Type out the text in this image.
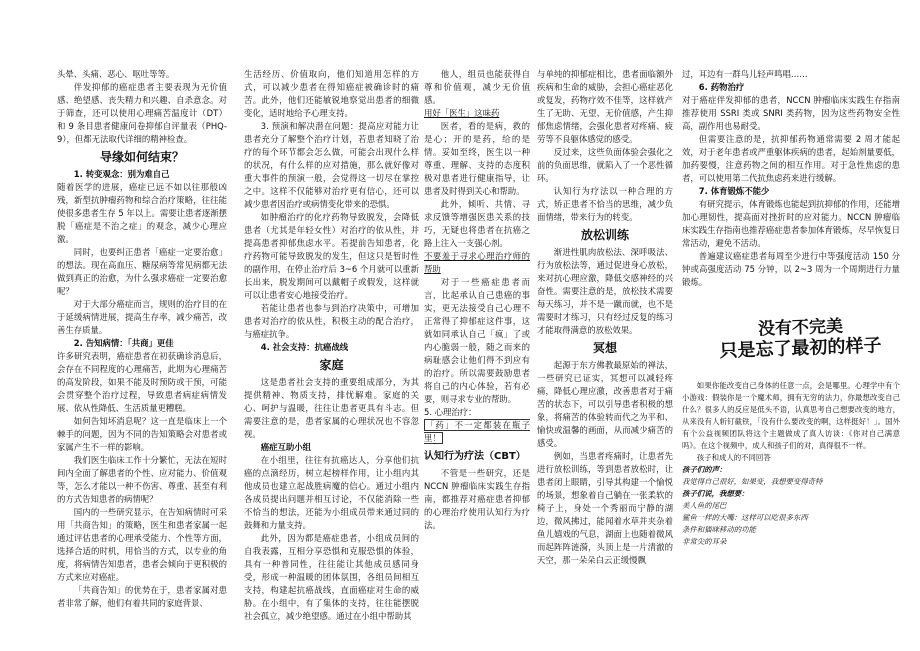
头晕、头痛、恶心、呕吐等等。

伴发抑郁的癌症患者主要表现为无价值感、绝望感、丧失精力和兴趣、自杀意念。对于筛查，还可以使用心理痛苦温度计（DT）和 9 条目患者健康问卷抑郁自评量表（PHQ-9），但都无法取代详细的精神检查。

导缘如何结束？

1. 转变观念：别为难自己

随着医学的进展，癌症已远不如以往那般凶残，新型抗肿瘤药物和综合治疗策略，往往能使很多患者生存 5 年以上。需要让患者逐渐摆脱「癌症是不治之症」的观念，减少心理应激。

同时，也要纠正患者「癌症一定要治愈」的想法。现在高血压、糖尿病等常见病都无法做到真正的治愈，为什么强求癌症一定要治愈呢？

对于大部分癌症而言，规则的治疗目的在于延缓病情进展，提高生存率，减少痛苦，改善生存质量。

2. 告知病情：「共商」更佳

许多研究表明，癌症患者在初获确诊消息后，会存在不同程度的心理痛苦，此期为心理痛苦的高发阶段，如果不能及时预防或干预，可能会贯穿整个治疗过程，导致患者病症病情发展、依从性降低、生活质量更糟糕。

如何告知坏消息呢？这一直是临床上一个棘手的问题，因为不同的告知策略会对患者或家属产生不一样的影响。

我们医生临床工作十分繁忙，无法在短时间内全面了解患者的个性、应对能力、价值观等，怎么才能以一种不伤害、尊重、甚至有利的方式告知患者的病情呢？

国内的一些研究显示，在告知病情时可采用「共商告知」的策略，医生和患者家属一起通过评估患者的心理承受能力、个性等方面，选择合适的时机，用恰当的方式，以专业的角度，将病情告知患者，患者会倾向于更积极的方式来应对癌症。

「共商告知」的优势在于，患者家属对患者非常了解，他们有着共同的家庭背景、

生活经历、价值取向，他们知道用怎样的方式，可以减少患者在得知癌症被确诊时的痛苦。此外，他们还能敏锐地察觉出患者的细微变化，适时地给予心理支持。

3. 预演和解决潜在问题：提高应对能力让患者充分了解整个治疗计划，若患者知晓了治疗的每个环节都会怎么做，可能会出现什么样的状况，有什么样的应对措施，那么就好像对重大事件的预演一般，会觉得这一切尽在掌控之中。这样不仅能够对治疗更有信心，还可以减少患者因治疗或病情变化带来的恐惧。

如肿瘤治疗的化疗药物导致脱发，会降低患者（尤其是年轻女性）对治疗的依从性，并提高患者抑郁焦虑水平。若提前告知患者，化疗药物可能导致脱发的发生，但这只是暂时性的副作用，在停止治疗后 3~6 个月就可以重新长出来，脱发期间可以戴帽子或假发，这样就可以让患者安心地接受治疗。

若能让患者也参与到治疗决策中，可增加患者对治疗的依从性，积极主动的配合治疗，与癌症抗争。

4. 社会支持：抗癌战线

家庭

这是患者社会支持的重要组成部分，为其提供精神、物质支持，排忧解难。家庭的关心、呵护与温暖，往往让患者更具有斗志。但需要注意的是，患者家属的心理状况也不容忽视。

癌症互助小组

在小组里，往往有抗癌达人，分享他们抗癌的点滴经历，树立起榜样作用，让小组内其他成员也建立起战胜病魔的信心。通过小组内各成员提出问题并相互讨论，不仅能消除一些不恰当的想法，还能为小组成员带来通过同的鼓舞和力量支持。

此外，因为都是癌症患者，小组成员间的自我表露，互相分享恐惧和克服恐惧的体验，具有一种普同性，往往能让其他成员感同身受，形成一种温暖的团体氛围，各组员间相互支持，构建起抗癌战线，直面癌症对生命的威胁。在小组中，有了集体的支持，往往能摆脱社会孤立，减少绝望感。通过在小组中帮助其

他人，组员也能获得自尊和价值观，减少无价值感。

用好「医生」这味药

医者，看的是病，救的是心；开的是药，给的是情。妥如至终，医生以一种尊重、理解、支持的态度积极对患者进行健康指导，让患者及时得到关心和帮助。

此外，倾听、共情、寻求反馈等增强医患关系的技巧，无疑也将患者在抗癌之路上注入一支强心剂。

不要羞于寻求心理治疗师的帮助

对于一些癌症患者而言，比起承认自己患癌的事实，更无法接受自己心理不正常得了抑郁症这件事，这就如同承认自己「疯」了或内心脆弱一般，随之而来的病耻感会让他们得不到应有的治疗。所以需要鼓励患者将自己的内心体验，若有必要，则寻求专业的帮助。

5. 心理治疗：

「药」不一定都装在瓶子里！

认知行为疗法（CBT）

不管是一些研究，还是 NCCN 肿瘤临床实践生存指南，都推荐对癌症患者抑郁的心理治疗使用认知行为疗法。

与单纯的抑郁症相比，患者面临额外疾病和生命的威胁，会担心癌症恶化或复发，药物疗效不佳等，这样就产生了无助、无望、无价值感，产生抑郁焦虑情绪，会强化患者对疼痛、疲劳等不良躯体感觉的感受。

反过来，这些负面体验会强化之前的负面思维，就陷入了一个恶性循环。

认知行为疗法以一种合理的方式，矫正患者不恰当的思维，减少负面情绪，带来行为的转变。

放松训练

渐进性肌肉放松法、深呼吸法、行为放松法等，通过促进身心放松，来对抗心理应激，降低交感神经的兴奋性。需要注意的是，放松技术需要每天练习，并不是一蹴而就，也不是需要时才练习，只有经过反复的练习才能取得满意的放松效果。

冥想

起源于东方佛教最原始的禅法，一些研究已证实，冥想可以减轻疼痛，降低心理应激，改善患者对于痛苦的状态下，可以引导患者积极的想象，将痛苦的体验转而代之为平和、愉快或温馨的画面，从而减少痛苦的感受。

例如，当患者疼痛时，让患者先进行放松训练，等到患者放松时，让患者闭上眼睛，引导其构建一个愉悦的场景，想象着自己躺在一张柔软的椅子上，身处一个秀丽而宁静的湖边，微风拂过，能闻着水草并夹杂着鱼儿嬉戏的气息，湖面上也随着微风而起阵阵涟漪，头顶上是一片清澈的天空，那一朵朵白云正缓慢飘

过，耳边有一群鸟儿轻声鸣唱……

6. 药物治疗

对于癌症伴发抑郁的患者，NCCN 肿瘤临床实践生存指南推荐使用 SSRI 类或 SNRI 类药物，因为这些药物安全性高，副作用也易耐受。

但需要注意的是，抗抑郁药物通常需要 2 周才能起效，对于老年患者或严重躯体疾病的患者，起始剂量要低，加药要慢，注意药物之间的相互作用。对于急性焦虑的患者，可以使用第二代抗焦虑药来进行缓解。

7. 体育锻炼不能少

有研究提示，体育锻炼也能起到抗抑郁的作用，还能增加心理韧性，提高面对挫折时的应对能力。NCCN 肿瘤临床实践生存指南也推荐癌症患者参加体育锻炼，尽早恢复日常活动，避免不活动。

普遍建议癌症患者每周至少进行中等强度活动 150 分钟或高强度活动 75 分钟，以 2~3 周为一个周期进行力量锻炼。

没有不完美
只是忘了最初的样子

如果你能改变自己身体的任意一点，会是哪里。心理学中有个小游戏：假装你是一个魔术师，拥有无穷的法力，你最想改变自己什么？很多人的反应是低头不语，认真思考自己想要改变的地方，从来没有人斩钉截铁，「没有什么要改变的啊，这样挺好！」。国外有个公益视频团队将这个主题做成了真人访谈：《你对自己满意吗》。在这个视频中，成人和孩子们的对，真得很不一样。

孩子和成人的不同回答

孩子们的声：

我觉得自己很好，如果变，我想要变得奇特

孩子们说，我想要：

美人鱼的尾巴

鲨鱼一样的大嘴：这样可以吃很多东西

条件和猫咪移动的功能

非常尖的耳朵
